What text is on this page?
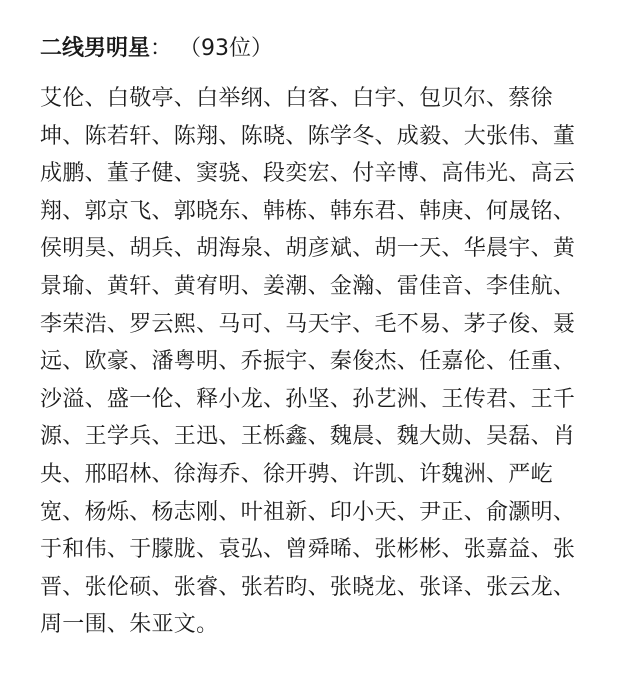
二线男明星： （93位）
艾伦、白敬亭、白举纲、白客、白宇、包贝尔、蔡徐
坤、陈若轩、陈翔、陈晓、陈学冬、成毅、大张伟、董
成鹏、董子健、窦骁、段奕宏、付辛博、高伟光、高云
翔、郭京飞、郭晓东、韩栋、韩东君、韩庚、何晟铭、
侯明昊、胡兵、胡海泉、胡彦斌、胡一天、华晨宇、黄
景瑜、黄轩、黄宥明、姜潮、金瀚、雷佳音、李佳航、
李荣浩、罗云熙、马可、马天宇、毛不易、茅子俊、聂
远、欧豪、潘粤明、乔振宇、秦俊杰、任嘉伦、任重、
沙溢、盛一伦、释小龙、孙坚、孙艺洲、王传君、王千
源、王学兵、王迅、王栎鑫、魏晨、魏大勋、吴磊、肖
央、邢昭林、徐海乔、徐开骋、许凯、许魏洲、严屹
宽、杨烁、杨志刚、叶祖新、印小天、尹正、俞灏明、
于和伟、于朦胧、袁弘、曾舜晞、张彬彬、张嘉益、张
晋、张伦硕、张睿、张若昀、张晓龙、张译、张云龙、
周一围、朱亚文。
